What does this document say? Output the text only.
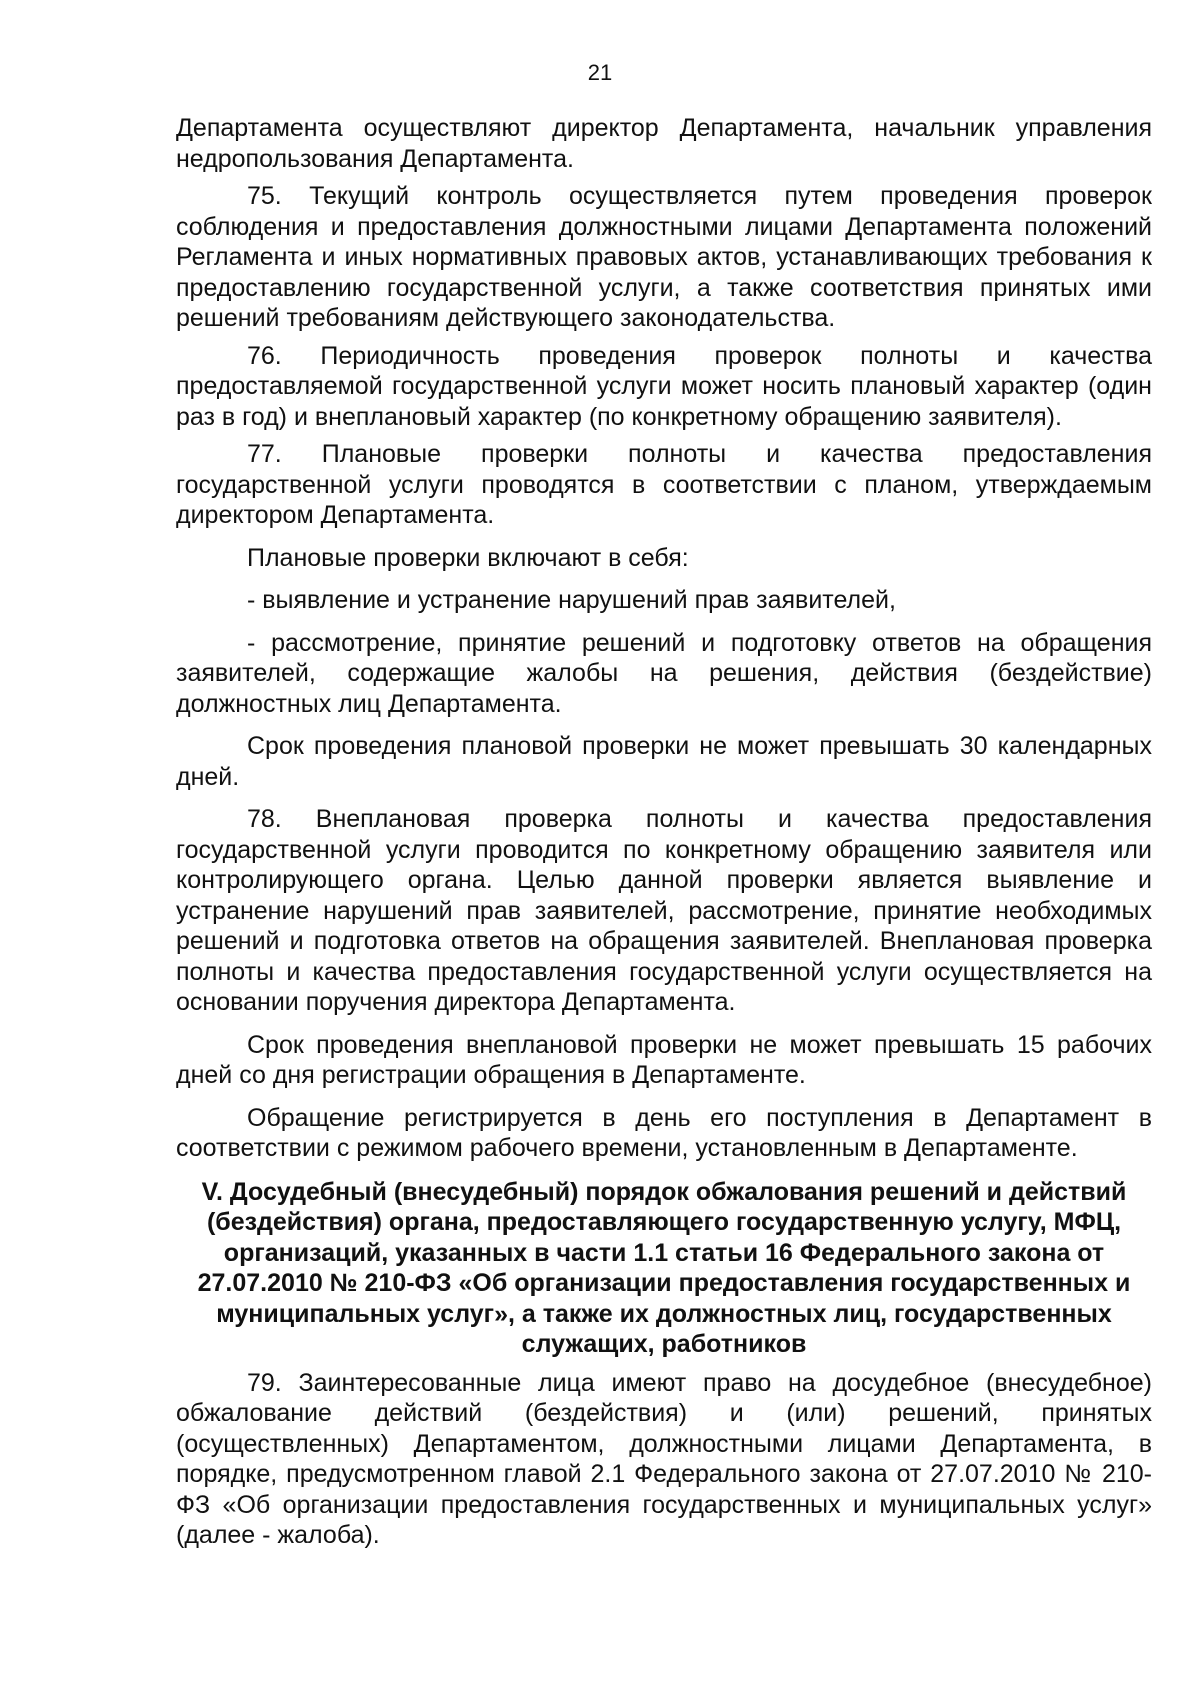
21

Департамента осуществляют директор Департамента, начальник управления недропользования Департамента.

75. Текущий контроль осуществляется путем проведения проверок соблюдения и предоставления должностными лицами Департамента положений Регламента и иных нормативных правовых актов, устанавливающих требования к предоставлению государственной услуги, а также соответствия принятых ими решений требованиям действующего законодательства.

76. Периодичность проведения проверок полноты и качества предоставляемой государственной услуги может носить плановый характер (один раз в год) и внеплановый характер (по конкретному обращению заявителя).

77. Плановые проверки полноты и качества предоставления государственной услуги проводятся в соответствии с планом, утверждаемым директором Департамента.

Плановые проверки включают в себя:

- выявление и устранение нарушений прав заявителей,

- рассмотрение, принятие решений и подготовку ответов на обращения заявителей, содержащие жалобы на решения, действия (бездействие) должностных лиц Департамента.

Срок проведения плановой проверки не может превышать 30 календарных дней.

78. Внеплановая проверка полноты и качества предоставления государственной услуги проводится по конкретному обращению заявителя или контролирующего органа. Целью данной проверки является выявление и устранение нарушений прав заявителей, рассмотрение, принятие необходимых решений и подготовка ответов на обращения заявителей. Внеплановая проверка полноты и качества предоставления государственной услуги осуществляется на основании поручения директора Департамента.

Срок проведения внеплановой проверки не может превышать 15 рабочих дней со дня регистрации обращения в Департаменте.

Обращение регистрируется в день его поступления в Департамент в соответствии с режимом рабочего времени, установленным в Департаменте.

V. Досудебный (внесудебный) порядок обжалования решений и действий (бездействия) органа, предоставляющего государственную услугу, МФЦ, организаций, указанных в части 1.1 статьи 16 Федерального закона от 27.07.2010 № 210-ФЗ «Об организации предоставления государственных и муниципальных услуг», а также их должностных лиц, государственных служащих, работников

79. Заинтересованные лица имеют право на досудебное (внесудебное) обжалование действий (бездействия) и (или) решений, принятых (осуществленных) Департаментом, должностными лицами Департамента, в порядке, предусмотренном главой 2.1 Федерального закона от 27.07.2010 № 210-ФЗ «Об организации предоставления государственных и муниципальных услуг» (далее - жалоба).
